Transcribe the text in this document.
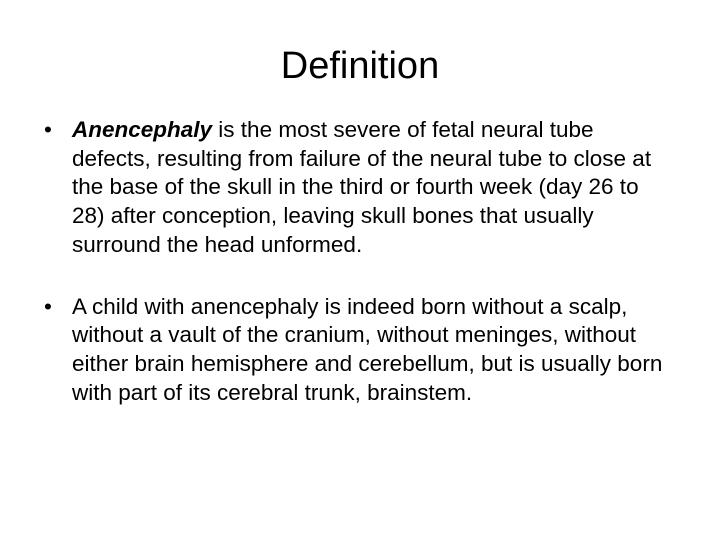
Definition
• Anencephaly is the most severe of fetal neural tube defects, resulting from failure of the neural tube to close at the base of the skull in the third or fourth week (day 26 to 28) after conception, leaving skull bones that usually surround the head unformed.
• A child with anencephaly is indeed born without a scalp, without a vault of the cranium, without meninges, without either brain hemisphere and cerebellum, but is usually born with part of its cerebral trunk, brainstem.
